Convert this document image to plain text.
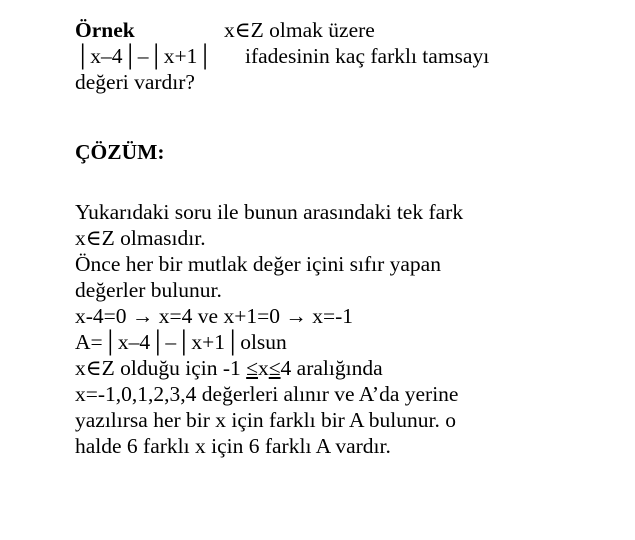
Örnek	x∈Z olmak üzere
│x–4│–│x+1│ ifadesinin kaç farklı tamsayı
değeri vardır?
ÇÖZÜM:
Yukarıdaki soru ile bunun arasındaki tek fark
x∈Z olmasıdır.
Önce her bir mutlak değer içini sıfır yapan
değerler bulunur.
x-4=0 → x=4 ve x+1=0 → x=-1
A=│x–4│–│x+1│olsun
x∈Z olduğu için -1 ≤x≤4 aralığında
x=-1,0,1,2,3,4 değerleri alınır ve A’da yerine
yazılırsa her bir x için farklı bir A bulunur. o
halde 6 farklı x için 6 farklı A vardır.
